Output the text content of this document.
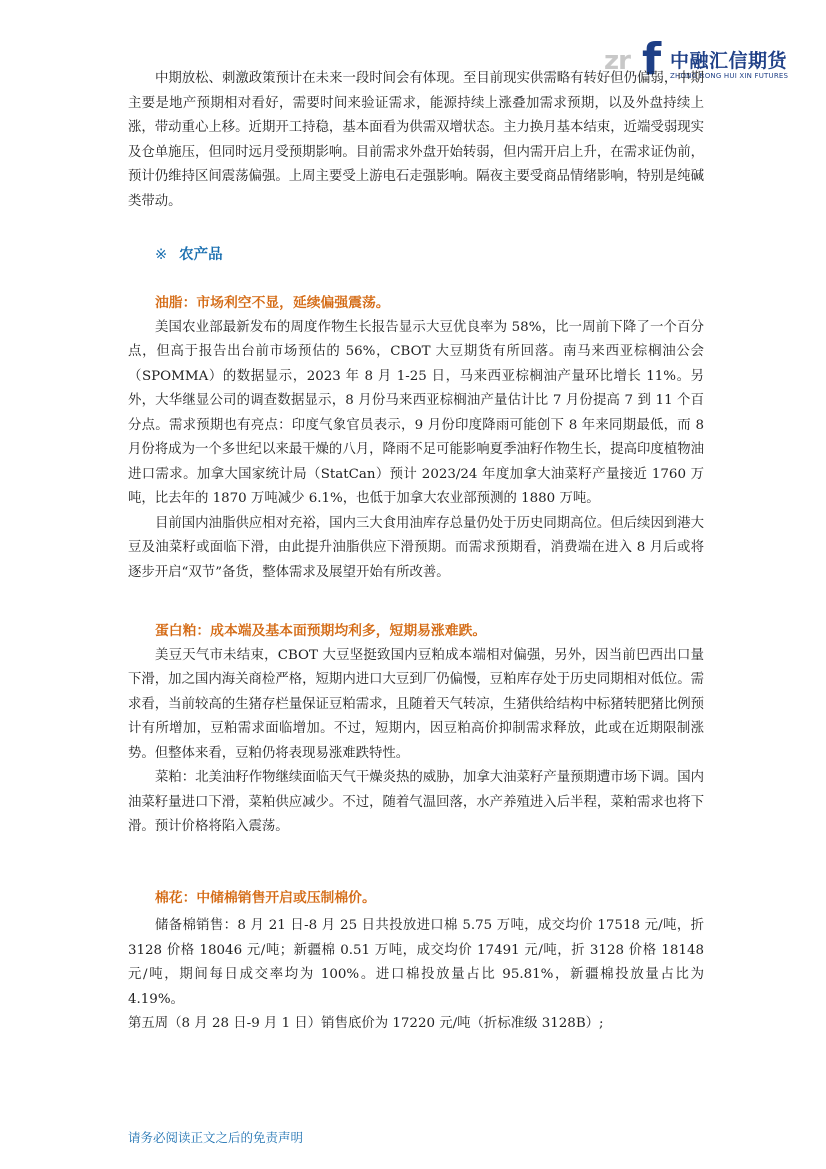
zr f 中融汇信期货
ZHONG RONG HUI XIN FUTURES

中期放松、刺激政策预计在未来一段时间会有体现。至目前现实供需略有转好但仍偏弱，中期主要是地产预期相对看好，需要时间来验证需求，能源持续上涨叠加需求预期，以及外盘持续上涨，带动重心上移。近期开工持稳，基本面看为供需双增状态。主力换月基本结束，近端受弱现实及仓单施压，但同时远月受预期影响。目前需求外盘开始转弱，但内需开启上升，在需求证伪前，预计仍维持区间震荡偏强。上周主要受上游电石走强影响。隔夜主要受商品情绪影响，特别是纯碱类带动。

※ 农产品
油脂：市场利空不显，延续偏强震荡。

美国农业部最新发布的周度作物生长报告显示大豆优良率为 58%，比一周前下降了一个百分点，但高于报告出台前市场预估的 56%，CBOT 大豆期货有所回落。南马来西亚棕榈油公会（SPOMMA）的数据显示，2023 年 8 月 1-25 日，马来西亚棕榈油产量环比增长 11%。另外，大华继显公司的调查数据显示，8 月份马来西亚棕榈油产量估计比 7 月份提高 7 到 11 个百分点。需求预期也有亮点：印度气象官员表示，9 月份印度降雨可能创下 8 年来同期最低，而 8 月份将成为一个多世纪以来最干燥的八月，降雨不足可能影响夏季油籽作物生长，提高印度植物油进口需求。加拿大国家统计局（StatCan）预计 2023/24 年度加拿大油菜籽产量接近 1760 万吨，比去年的 1870 万吨减少 6.1%，也低于加拿大农业部预测的 1880 万吨。

目前国内油脂供应相对充裕，国内三大食用油库存总量仍处于历史同期高位。但后续因到港大豆及油菜籽或面临下滑，由此提升油脂供应下滑预期。而需求预期看，消费端在进入 8 月后或将逐步开启“双节”备货，整体需求及展望开始有所改善。

蛋白粕：成本端及基本面预期均利多，短期易涨难跌。

美豆天气市未结束，CBOT 大豆坚挺致国内豆粕成本端相对偏强，另外，因当前巴西出口量下滑，加之国内海关商检严格，短期内进口大豆到厂仍偏慢，豆粕库存处于历史同期相对低位。需求看，当前较高的生猪存栏量保证豆粕需求，且随着天气转凉，生猪供给结构中标猪转肥猪比例预计有所增加，豆粕需求面临增加。不过，短期内，因豆粕高价抑制需求释放，此或在近期限制涨势。但整体来看，豆粕仍将表现易涨难跌特性。

菜粕：北美油籽作物继续面临天气干燥炎热的威胁，加拿大油菜籽产量预期遭市场下调。国内油菜籽量进口下滑，菜粕供应减少。不过，随着气温回落，水产养殖进入后半程，菜粕需求也将下滑。预计价格将陷入震荡。

棉花：中储棉销售开启或压制棉价。

储备棉销售：8 月 21 日-8 月 25 日共投放进口棉 5.75 万吨，成交均价 17518 元/吨，折 3128 价格 18046 元/吨；新疆棉 0.51 万吨，成交均价 17491 元/吨，折 3128 价格 18148 元/吨，期间每日成交率均为 100%。进口棉投放量占比 95.81%，新疆棉投放量占比为 4.19%。

第五周（8 月 28 日-9 月 1 日）销售底价为 17220 元/吨（折标准级 3128B）;

请务必阅读正文之后的免责声明
